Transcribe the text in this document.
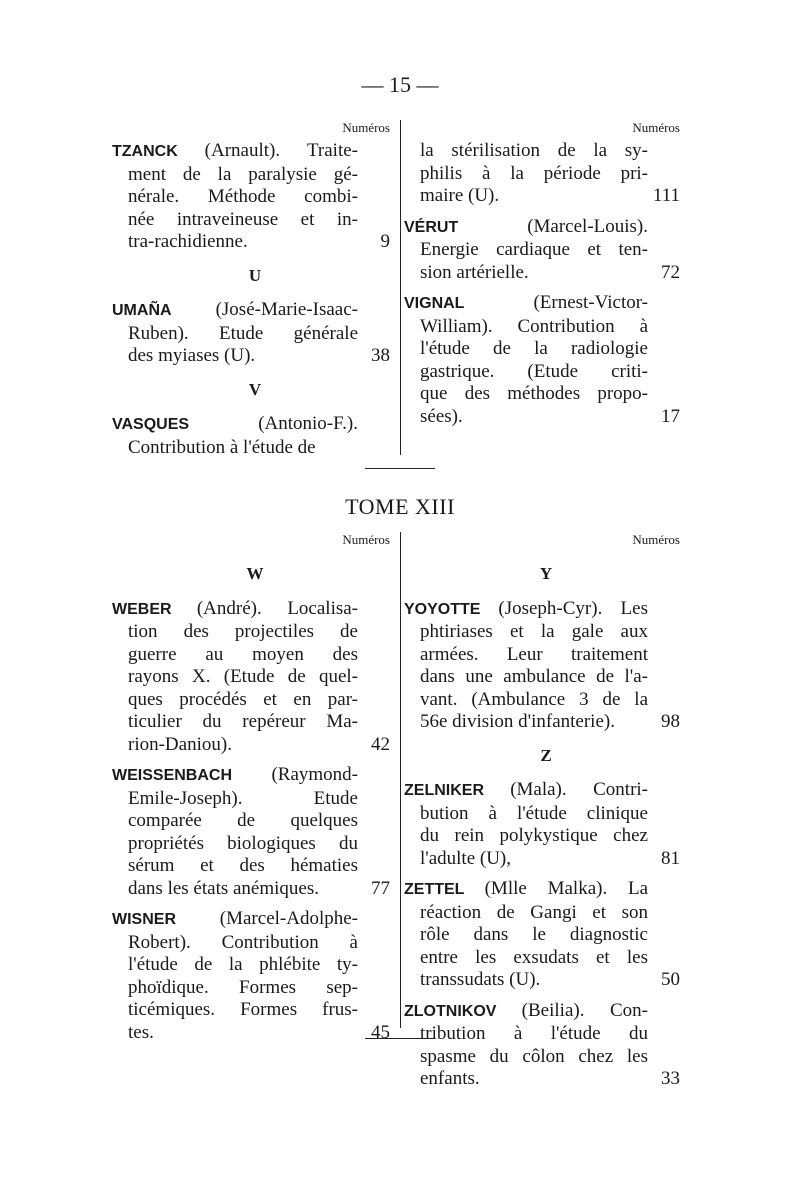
— 15 —
Numéros
TZANCK (Arnault). Traite-
ment de la paralysie gé-
nérale. Méthode combi-
née intraveineuse et in-
tra-rachidienne.	9
U
UMAÑA (José-Marie-Isaac-
Ruben). Etude générale
des myiases (U).	38
V
VASQUES (Antonio-F.).
Contribution à l'étude de
Numéros
la stérilisation de la sy-
philis à la période pri-
maire (U).	111
VÉRUT (Marcel-Louis).
Energie cardiaque et ten-
sion artérielle.	72
VIGNAL (Ernest-Victor-
William). Contribution à
l'étude de la radiologie
gastrique. (Etude criti-
que des méthodes propo-
sées).	17
TOME XIII
Numéros
W
WEBER (André). Localisa-
tion des projectiles de
guerre au moyen des
rayons X. (Etude de quel-
ques procédés et en par-
ticulier du repéreur Ma-
rion-Daniou).	42
WEISSENBACH (Raymond-
Emile-Joseph). Etude
comparée de quelques
propriétés biologiques du
sérum et des hématies
dans les états anémiques.	77
WISNER (Marcel-Adolphe-
Robert). Contribution à
l'étude de la phlébite ty-
phoïdique. Formes sep-
ticémiques. Formes frus-
tes.	45
Numéros
Y
YOYOTTE (Joseph-Cyr). Les
phtiriases et la gale aux
armées. Leur traitement
dans une ambulance de l'a-
vant. (Ambulance 3 de la
56e division d'infanterie).	98
Z
ZELNIKER (Mala). Contri-
bution à l'étude clinique
du rein polykystique chez
l'adulte (U),	81
ZETTEL (Mlle Malka). La
réaction de Gangi et son
rôle dans le diagnostic
entre les exsudats et les
transsudats (U).	50
ZLOTNIKOV (Beilia). Con-
tribution à l'étude du
spasme du côlon chez les
enfants.	33
